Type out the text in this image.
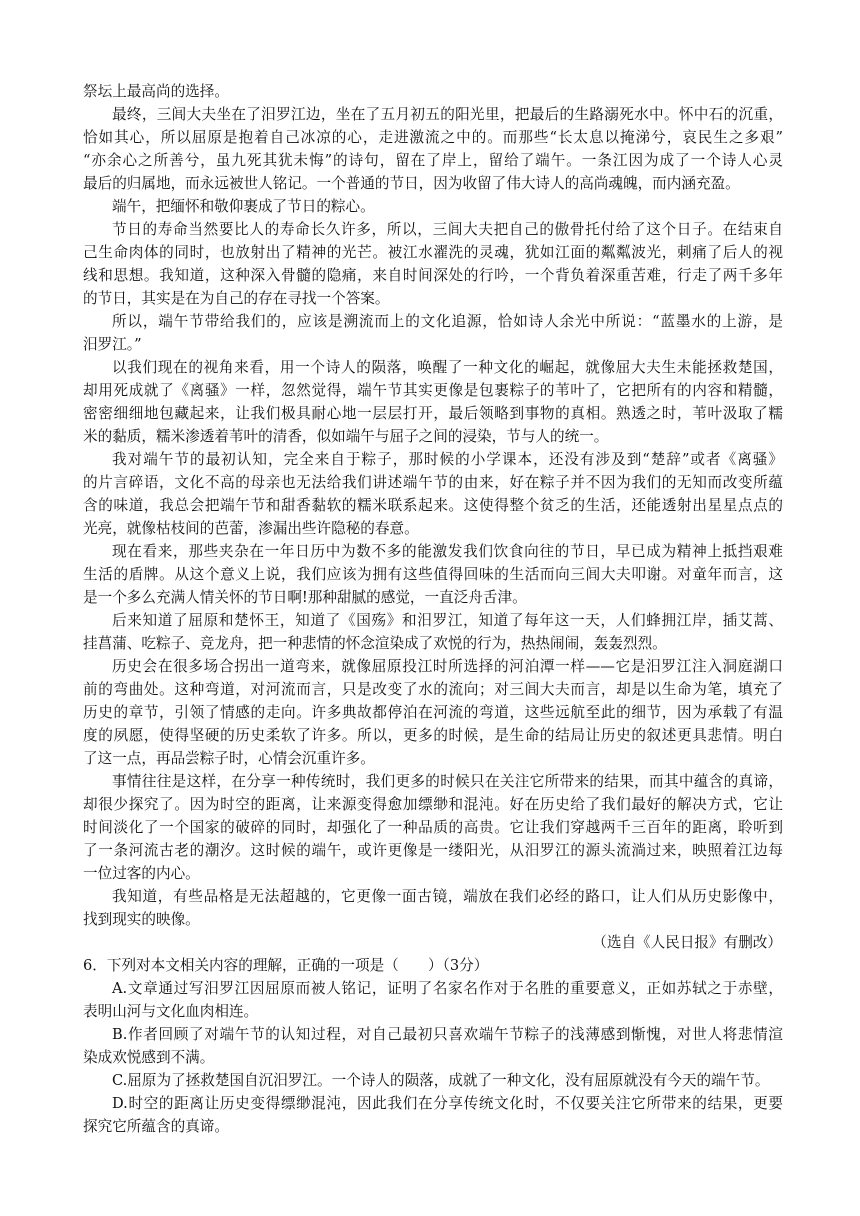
祭坛上最高尚的选择。
最终，三闾大夫坐在了汨罗江边，坐在了五月初五的阳光里，把最后的生路溺死水中。怀中石的沉重，
恰如其心，所以屈原是抱着自己冰凉的心，走进激流之中的。而那些“长太息以掩涕兮，哀民生之多艰”
“亦余心之所善兮，虽九死其犹未悔”的诗句，留在了岸上，留给了端午。一条江因为成了一个诗人心灵
最后的归属地，而永远被世人铭记。一个普通的节日，因为收留了伟大诗人的高尚魂魄，而内涵充盈。
端午，把缅怀和敬仰裹成了节日的粽心。
节日的寿命当然要比人的寿命长久许多，所以，三闾大夫把自己的傲骨托付给了这个日子。在结束自
己生命肉体的同时，也放射出了精神的光芒。被江水濯洗的灵魂，犹如江面的粼粼波光，刺痛了后人的视
线和思想。我知道，这种深入骨髓的隐痛，来自时间深处的行吟，一个背负着深重苦难，行走了两千多年
的节日，其实是在为自己的存在寻找一个答案。
所以，端午节带给我们的，应该是溯流而上的文化追源，恰如诗人余光中所说：“蓝墨水的上游，是
汨罗江。”
以我们现在的视角来看，用一个诗人的陨落，唤醒了一种文化的崛起，就像屈大夫生未能拯救楚国，
却用死成就了《离骚》一样，忽然觉得，端午节其实更像是包裹粽子的苇叶了，它把所有的内容和精髓，
密密细细地包藏起来，让我们极具耐心地一层层打开，最后领略到事物的真相。熟透之时，苇叶汲取了糯
米的黏质，糯米渗透着苇叶的清香，似如端午与屈子之间的浸染，节与人的统一。
我对端午节的最初认知，完全来自于粽子，那时候的小学课本，还没有涉及到“楚辞”或者《离骚》
的片言碎语，文化不高的母亲也无法给我们讲述端午节的由来，好在粽子并不因为我们的无知而改变所蕴
含的味道，我总会把端午节和甜香黏软的糯米联系起来。这使得整个贫乏的生活，还能透射出星星点点的
光亮，就像枯枝间的芭蕾，渗漏出些许隐秘的春意。
现在看来，那些夹杂在一年日历中为数不多的能激发我们饮食向往的节日，早已成为精神上抵挡艰难
生活的盾牌。从这个意义上说，我们应该为拥有这些值得回味的生活而向三闾大夫叩谢。对童年而言，这
是一个多么充满人情关怀的节日啊!那种甜腻的感觉，一直泛舟舌津。
后来知道了屈原和楚怀王，知道了《国殇》和汨罗江，知道了每年这一天，人们蜂拥江岸，插艾蒿、
挂菖蒲、吃粽子、竞龙舟，把一种悲情的怀念渲染成了欢悦的行为，热热闹闹，轰轰烈烈。
历史会在很多场合拐出一道弯来，就像屈原投江时所选择的河泊潭一样——它是汨罗江注入洞庭湖口
前的弯曲处。这种弯道，对河流而言，只是改变了水的流向；对三闾大夫而言，却是以生命为笔，填充了
历史的章节，引领了情感的走向。许多典故都停泊在河流的弯道，这些远航至此的细节，因为承载了有温
度的夙愿，使得坚硬的历史柔软了许多。所以，更多的时候，是生命的结局让历史的叙述更具悲情。明白
了这一点，再品尝粽子时，心情会沉重许多。
事情往往是这样，在分享一种传统时，我们更多的时候只在关注它所带来的结果，而其中蕴含的真谛，
却很少探究了。因为时空的距离，让来源变得愈加缥缈和混沌。好在历史给了我们最好的解决方式，它让
时间淡化了一个国家的破碎的同时，却强化了一种品质的高贵。它让我们穿越两千三百年的距离，聆听到
了一条河流古老的潮汐。这时候的端午，或许更像是一缕阳光，从汨罗江的源头流淌过来，映照着江边每
一位过客的内心。
我知道，有些品格是无法超越的，它更像一面古镜，端放在我们必经的路口，让人们从历史影像中，
找到现实的映像。
（选自《人民日报》有删改）
6．下列对本文相关内容的理解，正确的一项是（　　）（3分）
A.文章通过写汨罗江因屈原而被人铭记，证明了名家名作对于名胜的重要意义，正如苏轼之于赤壁，
表明山河与文化血肉相连。
B.作者回顾了对端午节的认知过程，对自己最初只喜欢端午节粽子的浅薄感到惭愧，对世人将悲情渲
染成欢悦感到不满。
C.屈原为了拯救楚国自沉汨罗江。一个诗人的陨落，成就了一种文化，没有屈原就没有今天的端午节。
D.时空的距离让历史变得缥缈混沌，因此我们在分享传统文化时，不仅要关注它所带来的结果，更要
探究它所蕴含的真谛。
